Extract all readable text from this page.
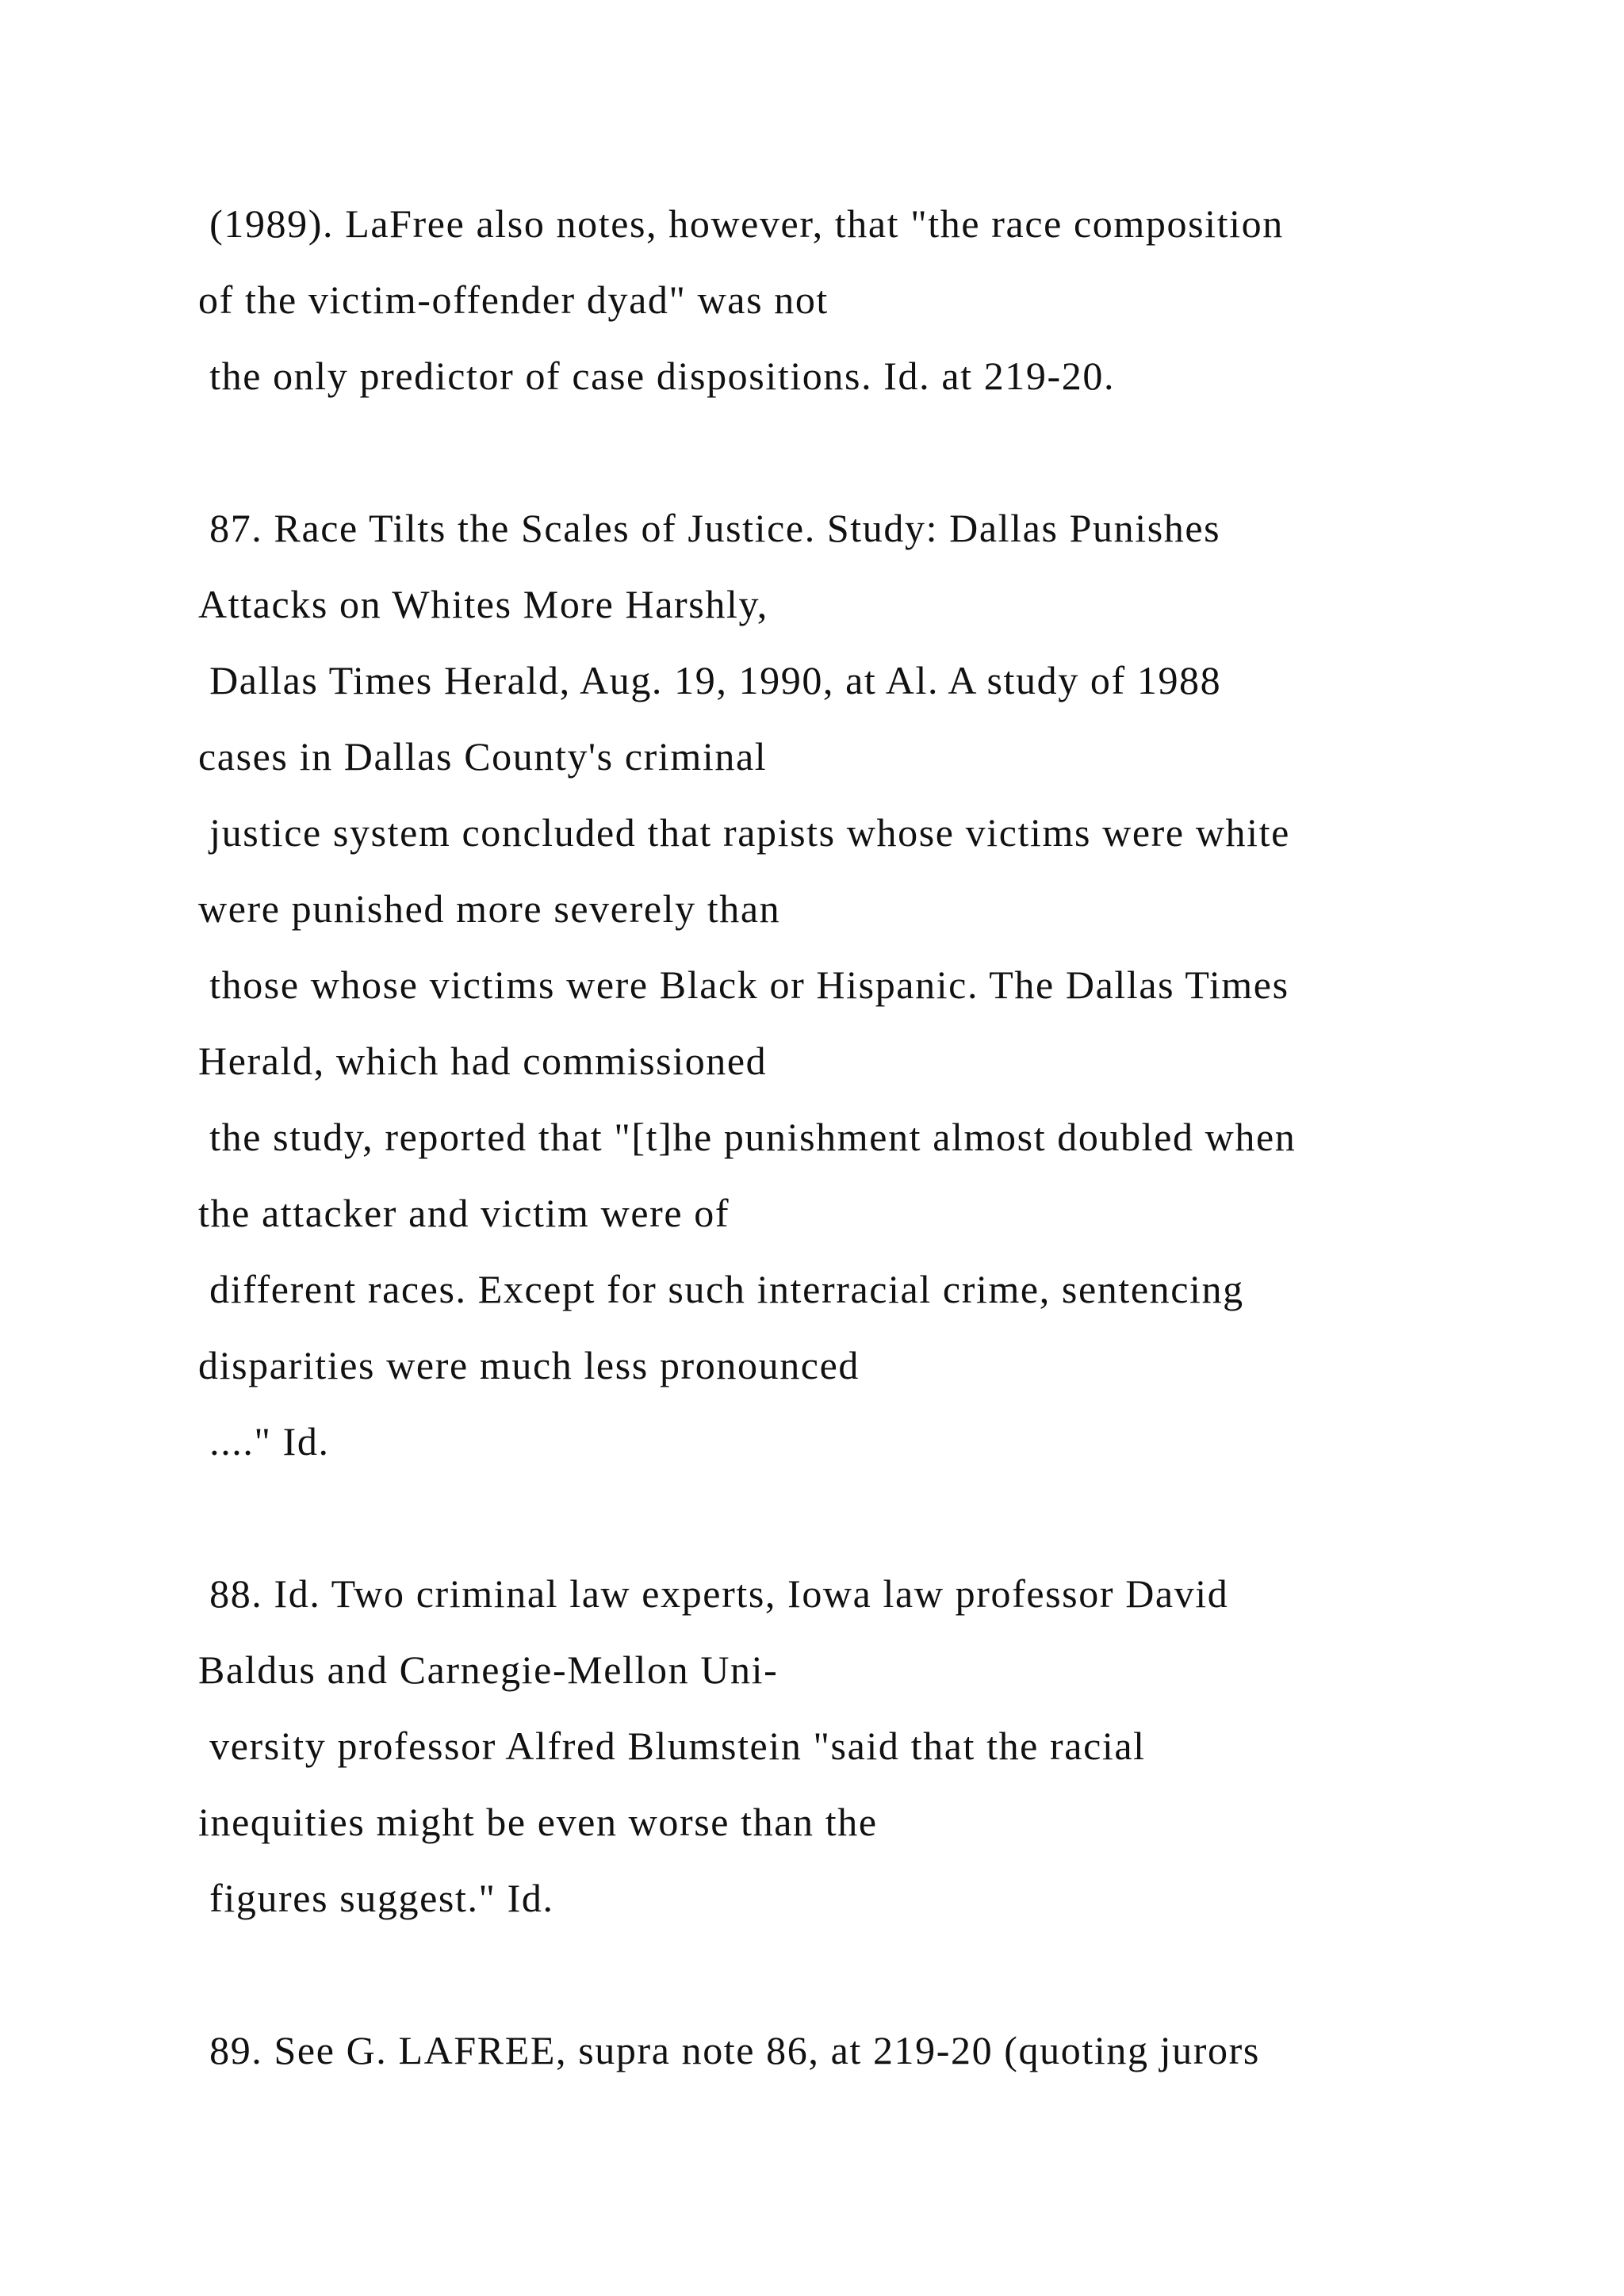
(1989). LaFree also notes, however, that "the race composition
of the victim-offender dyad" was not
the only predictor of case dispositions. Id. at 219-20.
87. Race Tilts the Scales of Justice. Study: Dallas Punishes
Attacks on Whites More Harshly,
Dallas Times Herald, Aug. 19, 1990, at Al. A study of 1988
cases in Dallas County's criminal
justice system concluded that rapists whose victims were white
were punished more severely than
those whose victims were Black or Hispanic. The Dallas Times
Herald, which had commissioned
the study, reported that "[t]he punishment almost doubled when
the attacker and victim were of
different races. Except for such interracial crime, sentencing
disparities were much less pronounced
...." Id.
88. Id. Two criminal law experts, Iowa law professor David
Baldus and Carnegie-Mellon Uni-
versity professor Alfred Blumstein "said that the racial
inequities might be even worse than the
figures suggest." Id.
89. See G. LAFREE, supra note 86, at 219-20 (quoting jurors
